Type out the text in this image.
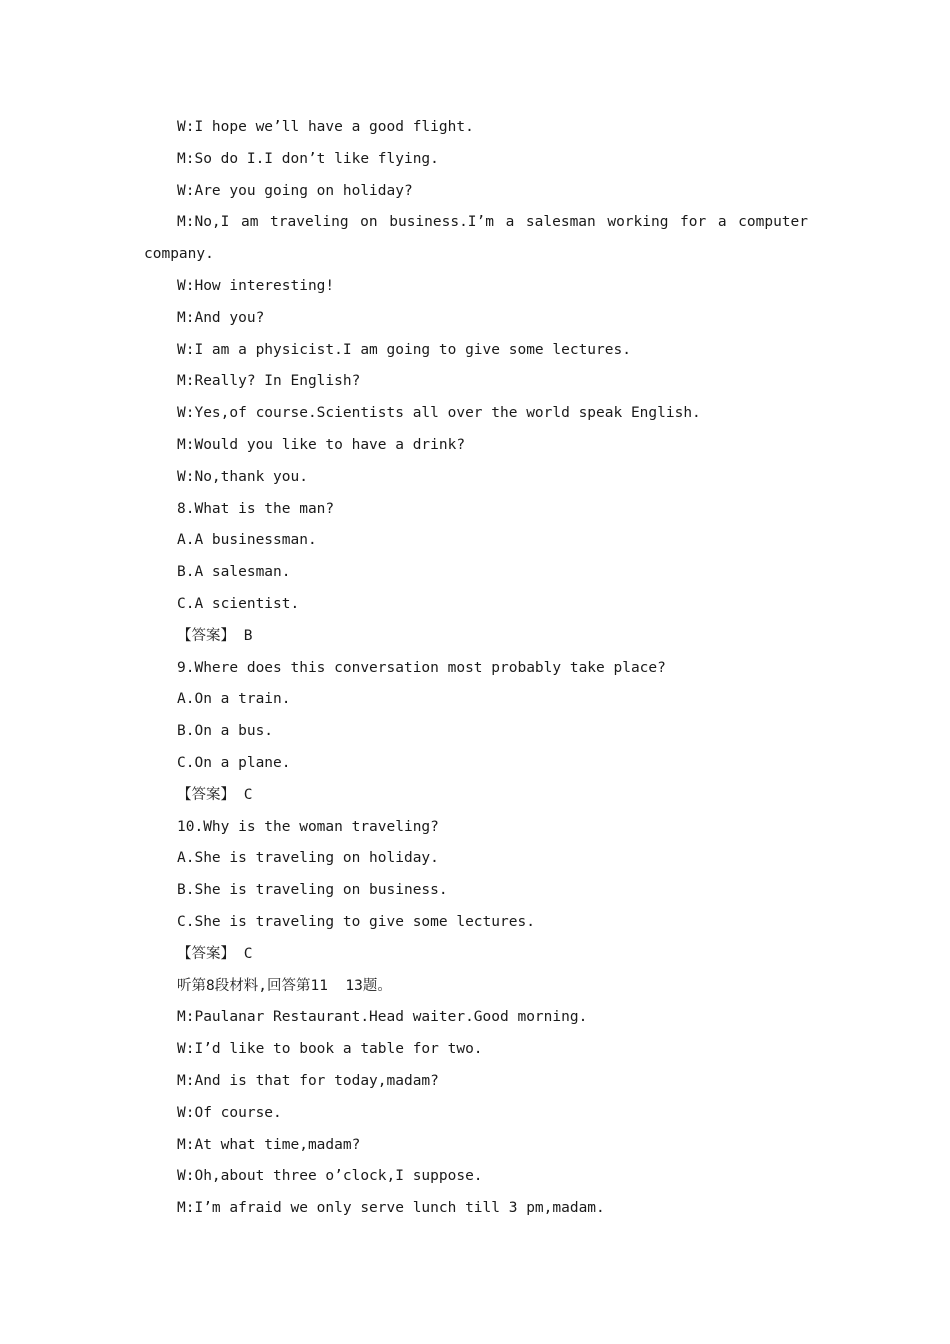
W:I hope we’ll have a good flight.
M:So do I.I don’t like flying.
W:Are you going on holiday?
M:No,I am traveling on business.I’m a salesman working for a computer
company.
W:How interesting!
M:And you?
W:I am a physicist.I am going to give some lectures.
M:Really? In English?
W:Yes,of course.Scientists all over the world speak English.
M:Would you like to have a drink?
W:No,thank you.
8.What is the man?
A.A businessman.
B.A salesman.
C.A scientist.
【答案】 B
9.Where does this conversation most probably take place?
A.On a train.
B.On a bus.
C.On a plane.
【答案】 C
10.Why is the woman traveling?
A.She is traveling on holiday.
B.She is traveling on business.
C.She is traveling to give some lectures.
【答案】 C
听第8段材料,回答第11  13题。
M:Paulanar Restaurant.Head waiter.Good morning.
W:I’d like to book a table for two.
M:And is that for today,madam?
W:Of course.
M:At what time,madam?
W:Oh,about three o’clock,I suppose.
M:I’m afraid we only serve lunch till 3 pm,madam.
